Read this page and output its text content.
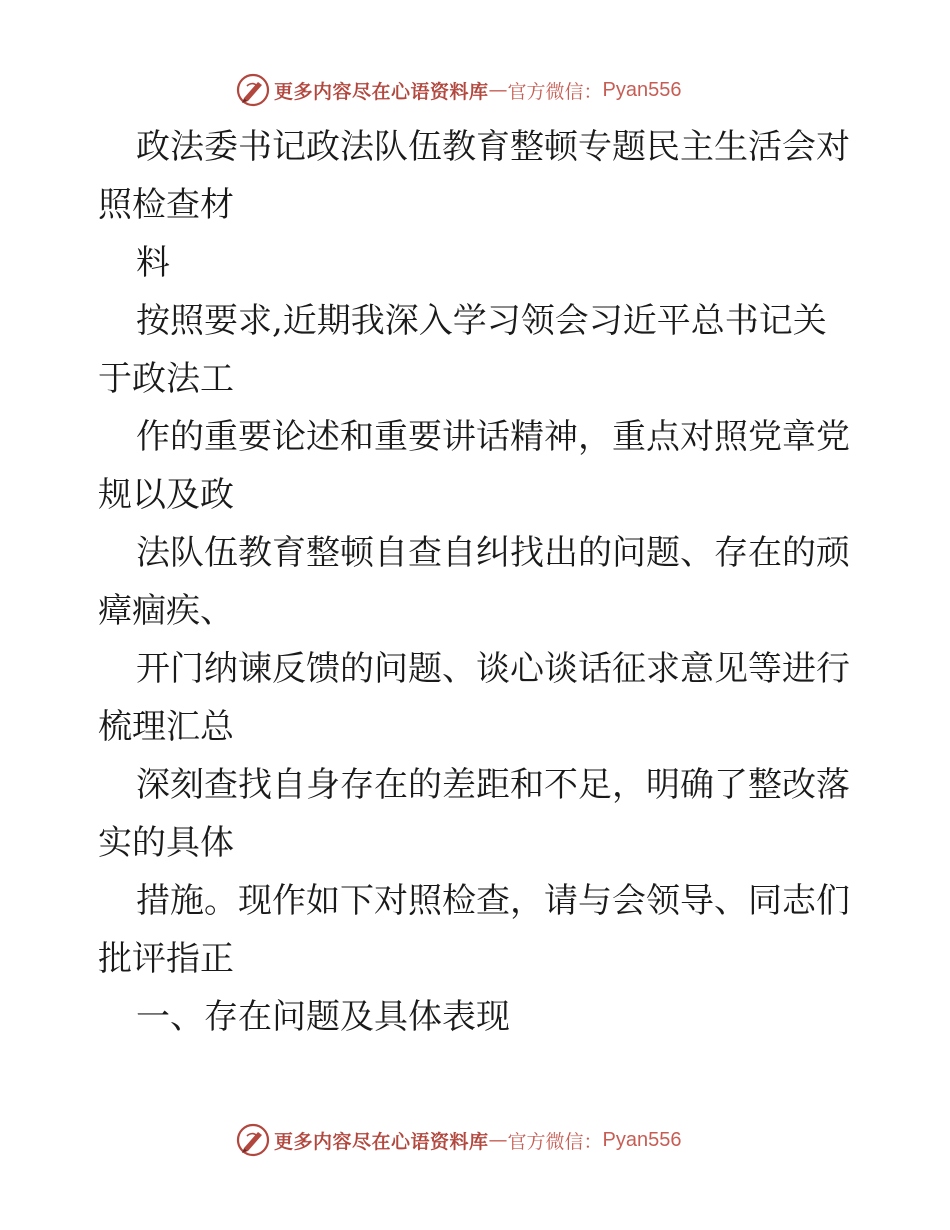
更多内容尽在心语资料库 — 官方微信： Pyan556
政法委书记政法队伍教育整顿专题民主生活会对
照检查材
料
按照要求,近期我深入学习领会习近平总书记关
于政法工
作的重要论述和重要讲话精神，重点对照党章党
规以及政
法队伍教育整顿自查自纠找出的问题、存在的顽
瘴痼疾、
开门纳谏反馈的问题、谈心谈话征求意见等进行
梳理汇总
深刻查找自身存在的差距和不足，明确了整改落
实的具体
措施。现作如下对照检查，请与会领导、同志们
批评指正
一、存在问题及具体表现
更多内容尽在心语资料库 — 官方微信： Pyan556
